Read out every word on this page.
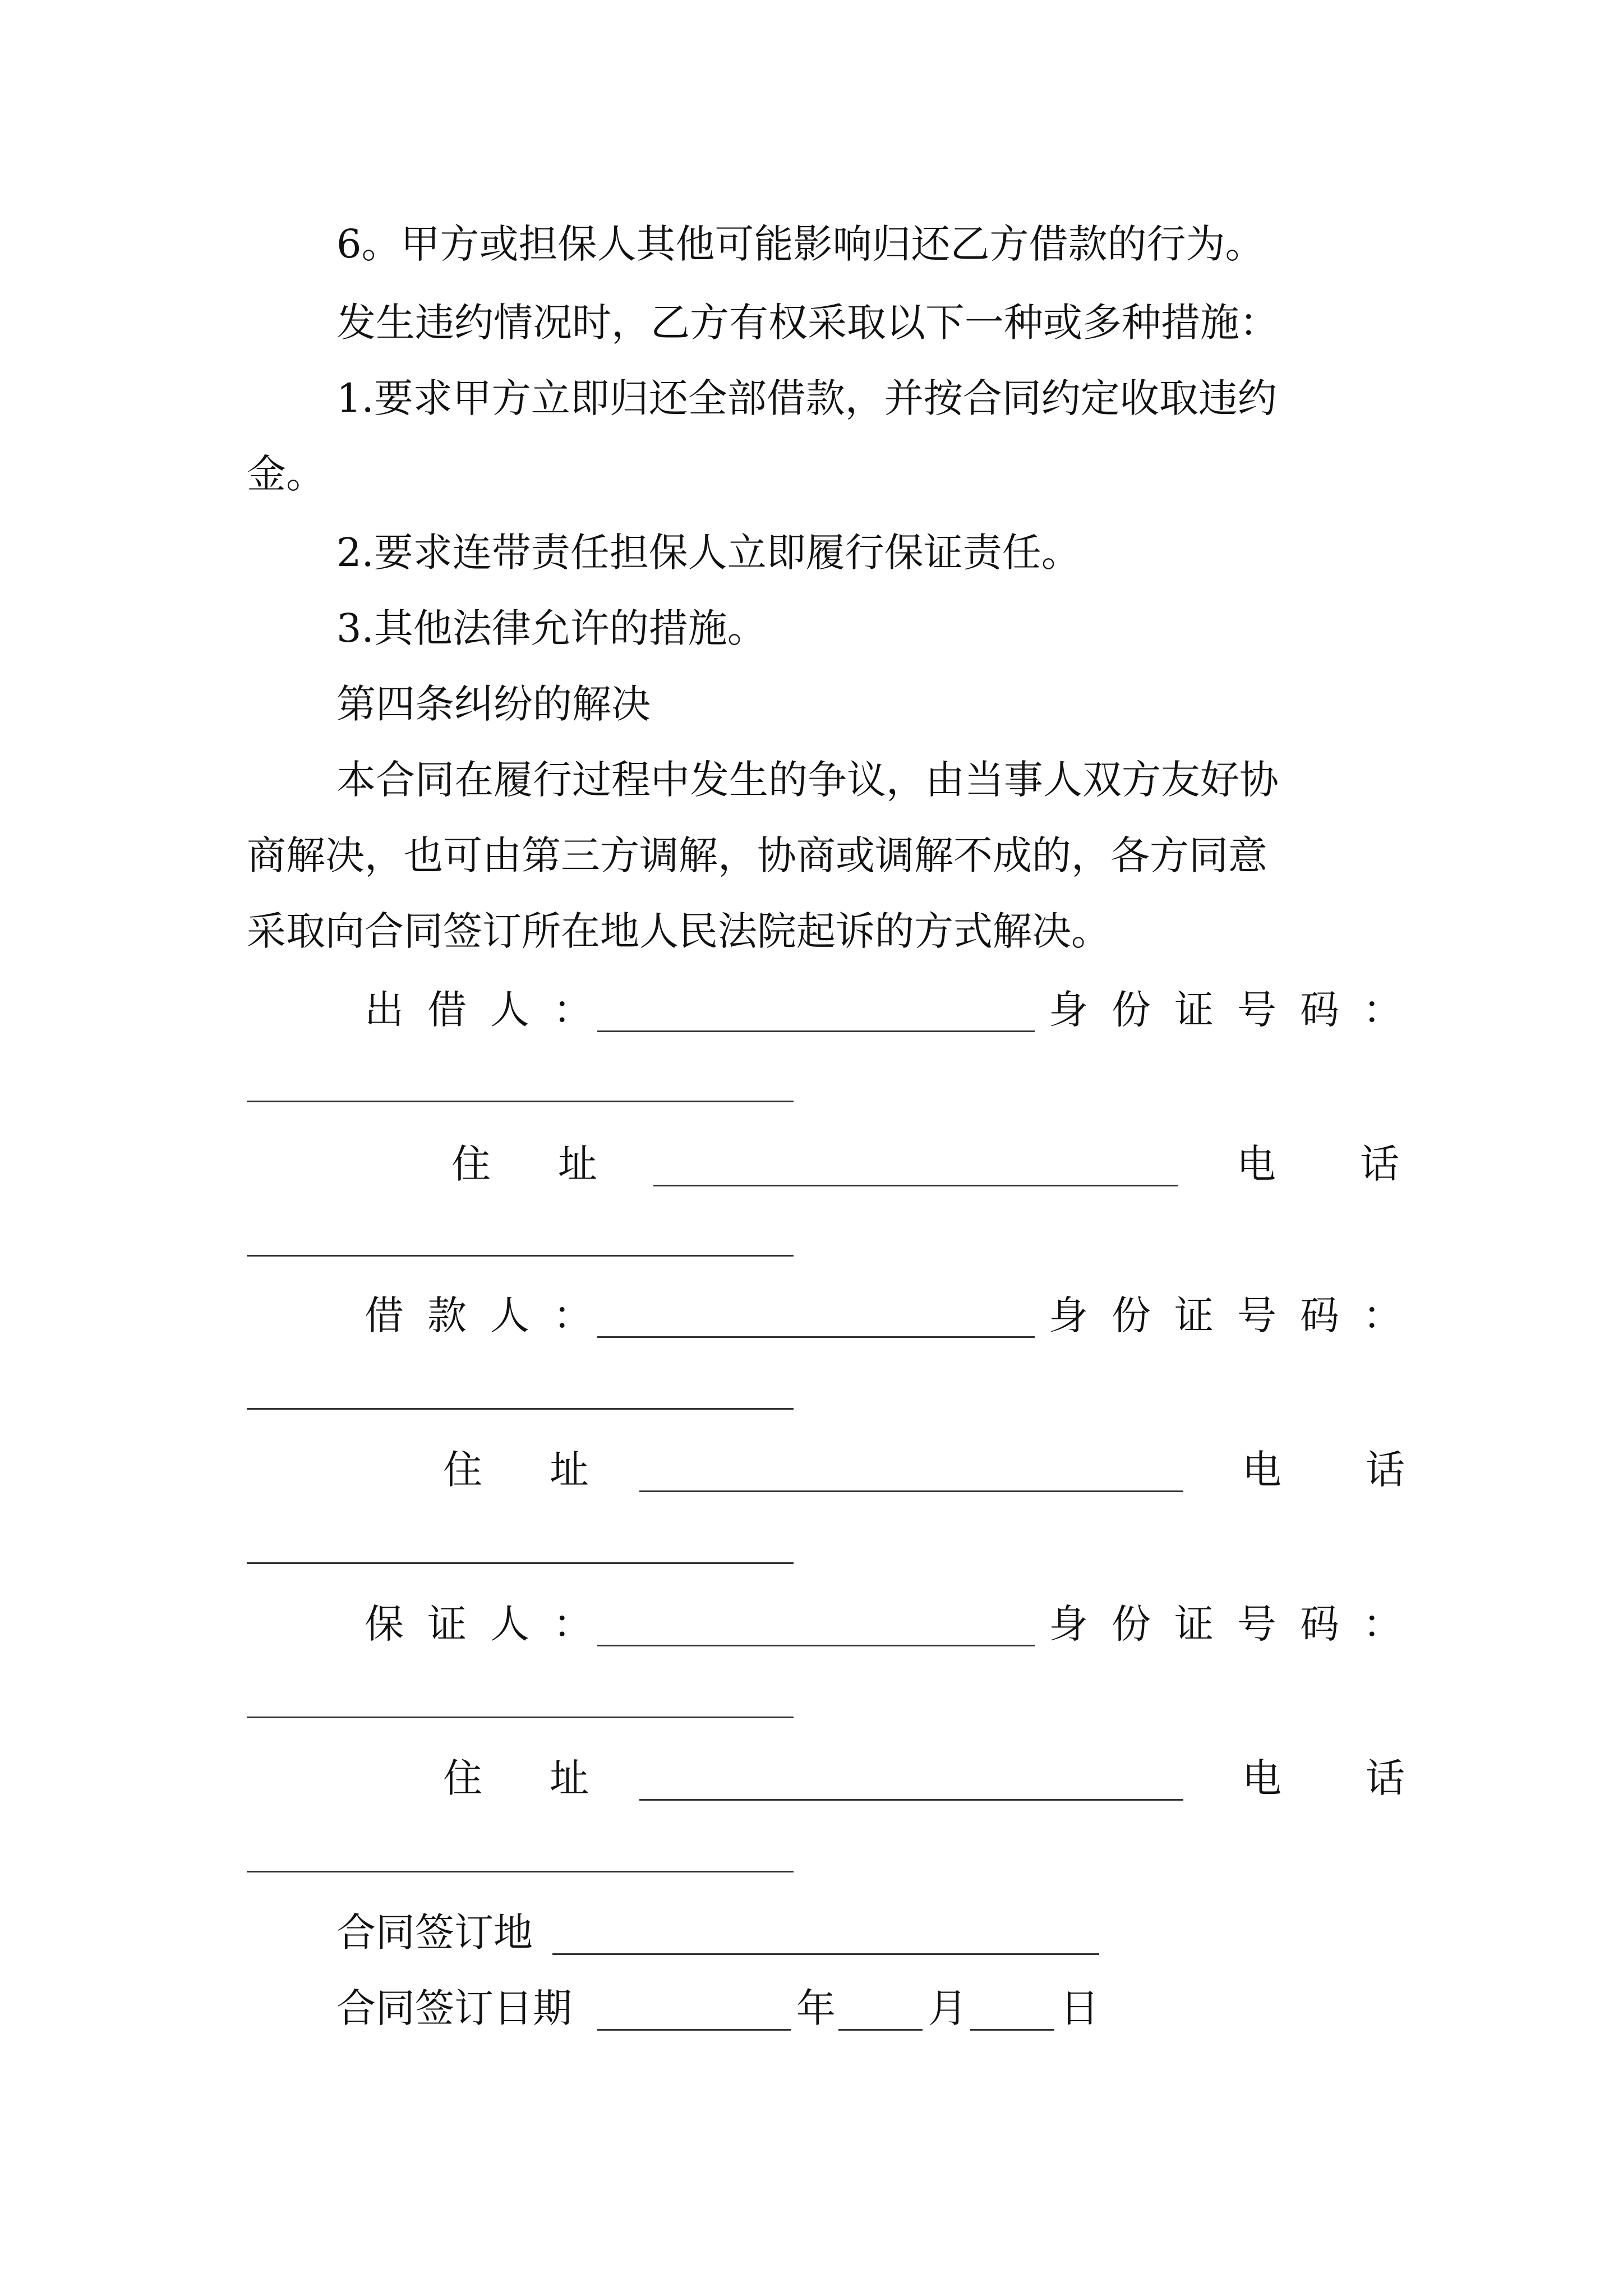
6。甲方或担保人其他可能影响归还乙方借款的行为。
发生违约情况时，乙方有权采取以下一种或多种措施：
1.要求甲方立即归还全部借款，并按合同约定收取违约
金。
2.要求连带责任担保人立即履行保证责任。
3.其他法律允许的措施。
第四条纠纷的解决
本合同在履行过程中发生的争议，由当事人双方友好协
商解决，也可由第三方调解，协商或调解不成的，各方同意
采取向合同签订所在地人民法院起诉的方式解决。
出借人：	身份证号码：
住址	电话
借款人：	身份证号码：
住址	电话
保证人：	身份证号码：
住址	电话
合同签订地
合同签订日期	年 月 日
